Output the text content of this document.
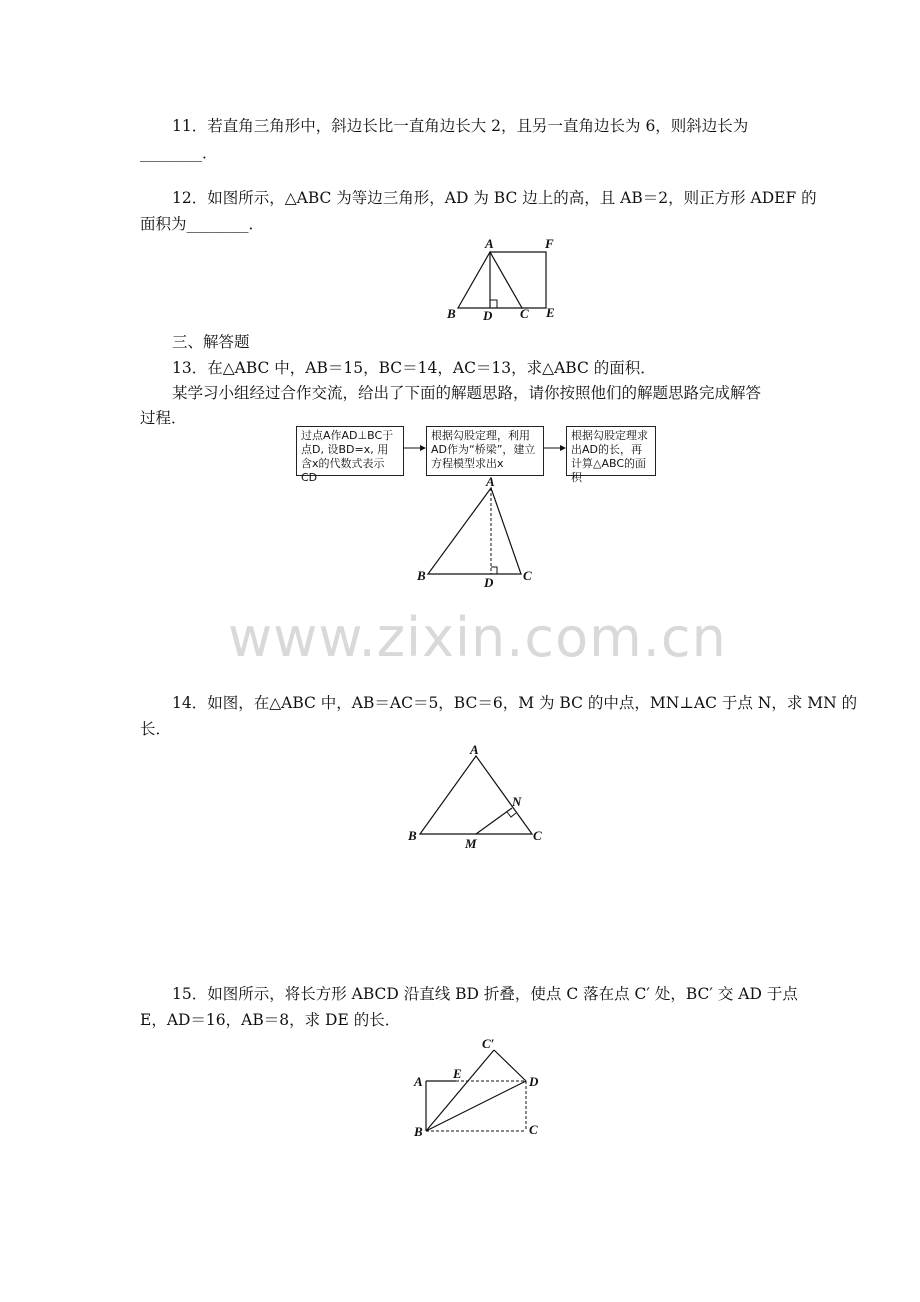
11．若直角三角形中，斜边长比一直角边长大 2，且另一直角边长为 6，则斜边长为
________．
12．如图所示，△ABC 为等边三角形，AD 为 BC 边上的高，且 AB＝2，则正方形 ADEF 的
面积为________．
A	F
B D C E
三、解答题
13．在△ABC 中，AB＝15，BC＝14，AC＝13，求△ABC 的面积．
某学习小组经过合作交流，给出了下面的解题思路，请你按照他们的解题思路完成解答
过程．
过点A作AD⊥BC于点D, 设BD=x, 用含x的代数式表示CD
根据勾股定理，利用AD作为“桥梁”，建立方程模型求出x
根据勾股定理求出AD的长，再计算△ABC的面积
A
B	D C
www.zixin.com.cn
14．如图，在△ABC 中，AB＝AC＝5，BC＝6，M 为 BC 的中点，MN⊥AC 于点 N，求 MN 的
长．
A
N
B
M
C
15．如图所示，将长方形 ABCD 沿直线 BD 折叠，使点 C 落在点 C′ 处，BC′ 交 AD 于点
E，AD＝16，AB＝8，求 DE 的长．
C′
A
E
D
B	C
